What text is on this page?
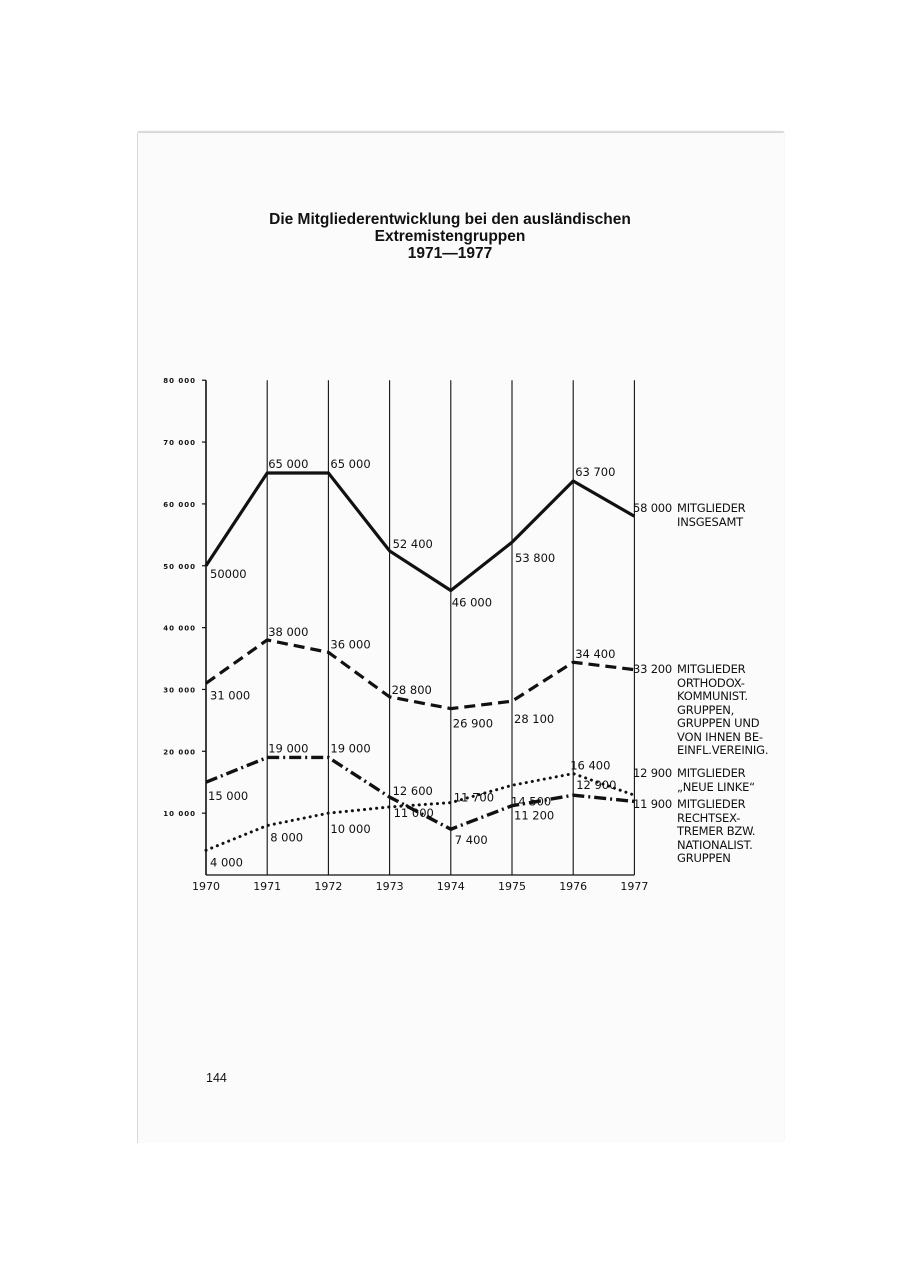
Die Mitgliederentwicklung bei den ausländischen
Extremistengruppen
1971—1977
1970	1971	1972	1973	1974	1975	1976	1977
80 000
70 000
60 000
50 000
40 000
30 000
20 000
10 000
50000
65 000 65 000
52 400
46 000
53 800
63 700
31 000
38 000
36 000
28 800
26 900 28 100
34 400
15 000
19 000 19 000
12 600
7 400
11 200
12 900
4 000
8 000
10 000
11 000
11 700 14 500
16 400
58 000 MITGLIEDER
INSGESAMT
33 200 MITGLIEDER
ORTHODOX-
KOMMUNIST.
GRUPPEN,
GRUPPEN UND
VON IHNEN BE-
EINFL.VEREINIG.
12 900 MITGLIEDER
„NEUE LINKE“
11 900 MITGLIEDER
RECHTSEX-
TREMER BZW.
NATIONALIST.
GRUPPEN
144
